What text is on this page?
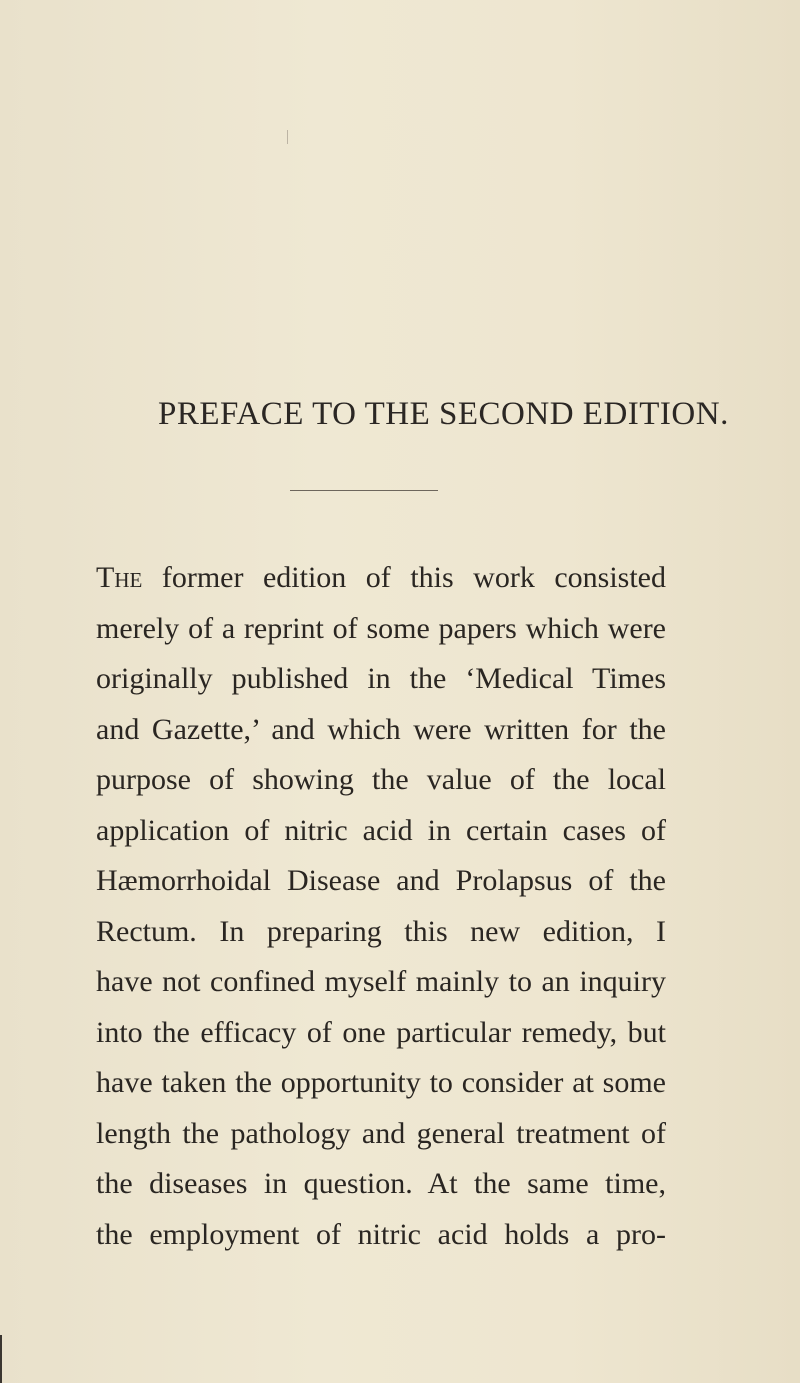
PREFACE TO THE SECOND EDITION.
The former edition of this work consisted
merely of a reprint of some papers which were
originally published in the ‘Medical Times
and Gazette,’ and which were written for the
purpose of showing the value of the local
application of nitric acid in certain cases of
Hæmorrhoidal Disease and Prolapsus of the
Rectum. In preparing this new edition, I
have not confined myself mainly to an inquiry
into the efficacy of one particular remedy, but
have taken the opportunity to consider at some
length the pathology and general treatment of
the diseases in question. At the same time,
the employment of nitric acid holds a pro-
